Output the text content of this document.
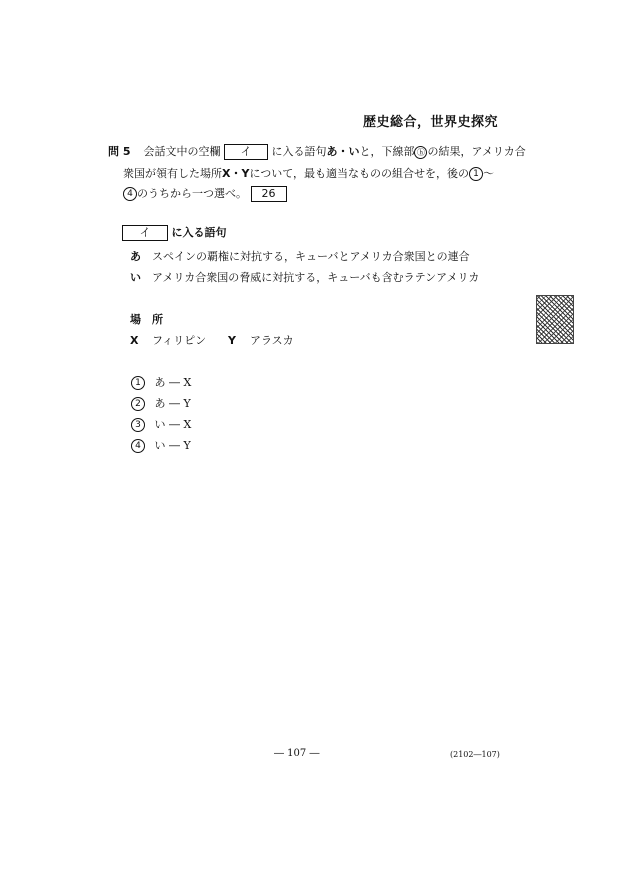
歴史総合，世界史探究
問 5 会話文中の空欄 イ に入る語句あ・いと，下線部 ⓗ の結果，アメリカ合
衆国が領有した場所X・Yについて，最も適当なものの組合せを，後の 1 ～
4 のうちから一つ選べ。 26
イ に入る語句
あ スペインの覇権に対抗する，キューバとアメリカ合衆国との連合
い アメリカ合衆国の脅威に対抗する，キューバも含むラテンアメリカ
場　所
X フィリピン Y アラスカ
1 あ ― X
2 あ ― Y
3 い ― X
4 い ― Y
― 107 ―	(2102―107)
